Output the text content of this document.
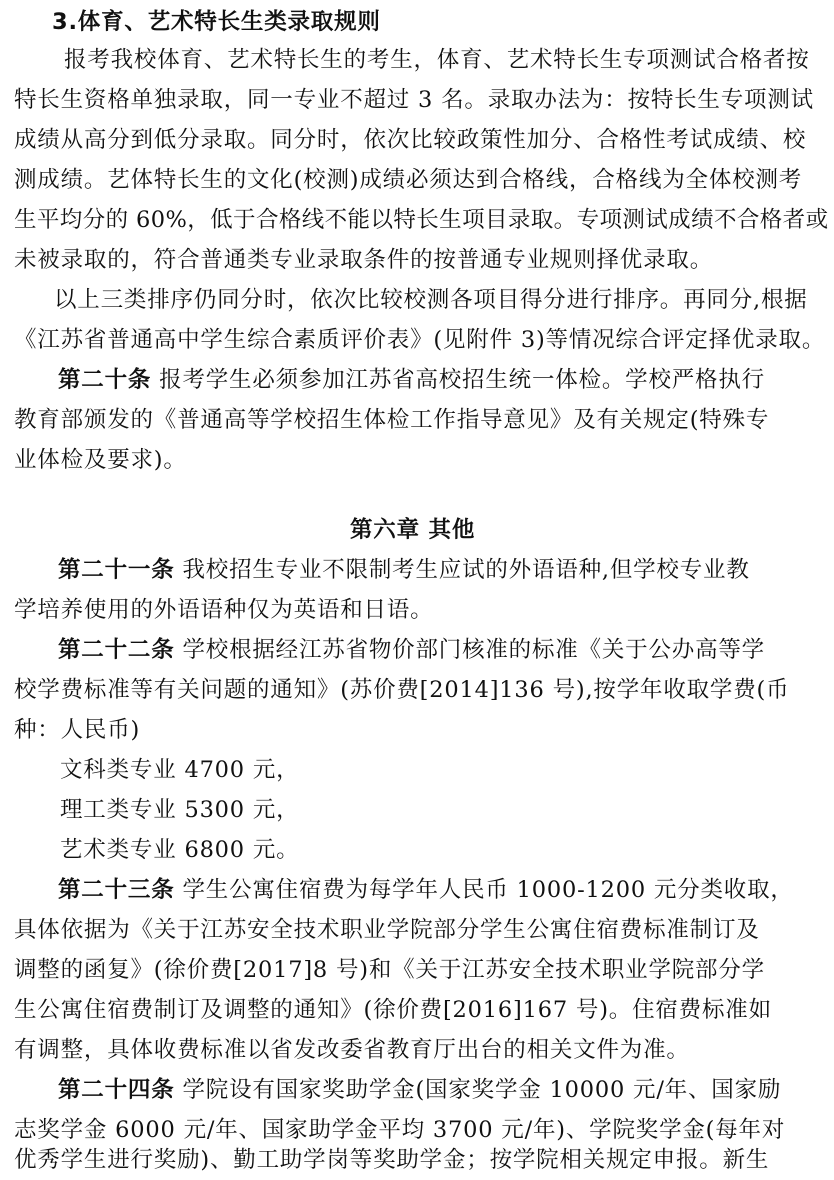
3.体育、艺术特长生类录取规则
报考我校体育、艺术特长生的考生，体育、艺术特长生专项测试合格者按
特长生资格单独录取，同一专业不超过 3 名。录取办法为：按特长生专项测试
成绩从高分到低分录取。同分时，依次比较政策性加分、合格性考试成绩、校
测成绩。艺体特长生的文化(校测)成绩必须达到合格线，合格线为全体校测考
生平均分的 60%，低于合格线不能以特长生项目录取。专项测试成绩不合格者或
未被录取的，符合普通类专业录取条件的按普通专业规则择优录取。
以上三类排序仍同分时，依次比较校测各项目得分进行排序。再同分,根据
《江苏省普通高中学生综合素质评价表》(见附件 3)等情况综合评定择优录取。
第二十条 报考学生必须参加江苏省高校招生统一体检。学校严格执行
教育部颁发的《普通高等学校招生体检工作指导意见》及有关规定(特殊专
业体检及要求)。
第六章 其他
第二十一条 我校招生专业不限制考生应试的外语语种,但学校专业教
学培养使用的外语语种仅为英语和日语。
第二十二条 学校根据经江苏省物价部门核准的标准《关于公办高等学
校学费标准等有关问题的通知》(苏价费[2014]136 号),按学年收取学费(币
种：人民币)
文科类专业 4700 元，
理工类专业 5300 元，
艺术类专业 6800 元。
第二十三条 学生公寓住宿费为每学年人民币 1000-1200 元分类收取，
具体依据为《关于江苏安全技术职业学院部分学生公寓住宿费标准制订及
调整的函复》(徐价费[2017]8 号)和《关于江苏安全技术职业学院部分学
生公寓住宿费制订及调整的通知》(徐价费[2016]167 号)。住宿费标准如
有调整，具体收费标准以省发改委省教育厅出台的相关文件为准。
第二十四条 学院设有国家奖助学金(国家奖学金 10000 元/年、国家励
志奖学金 6000 元/年、国家助学金平均 3700 元/年)、学院奖学金(每年对
优秀学生进行奖励)、勤工助学岗等奖助学金；按学院相关规定申报。新生
